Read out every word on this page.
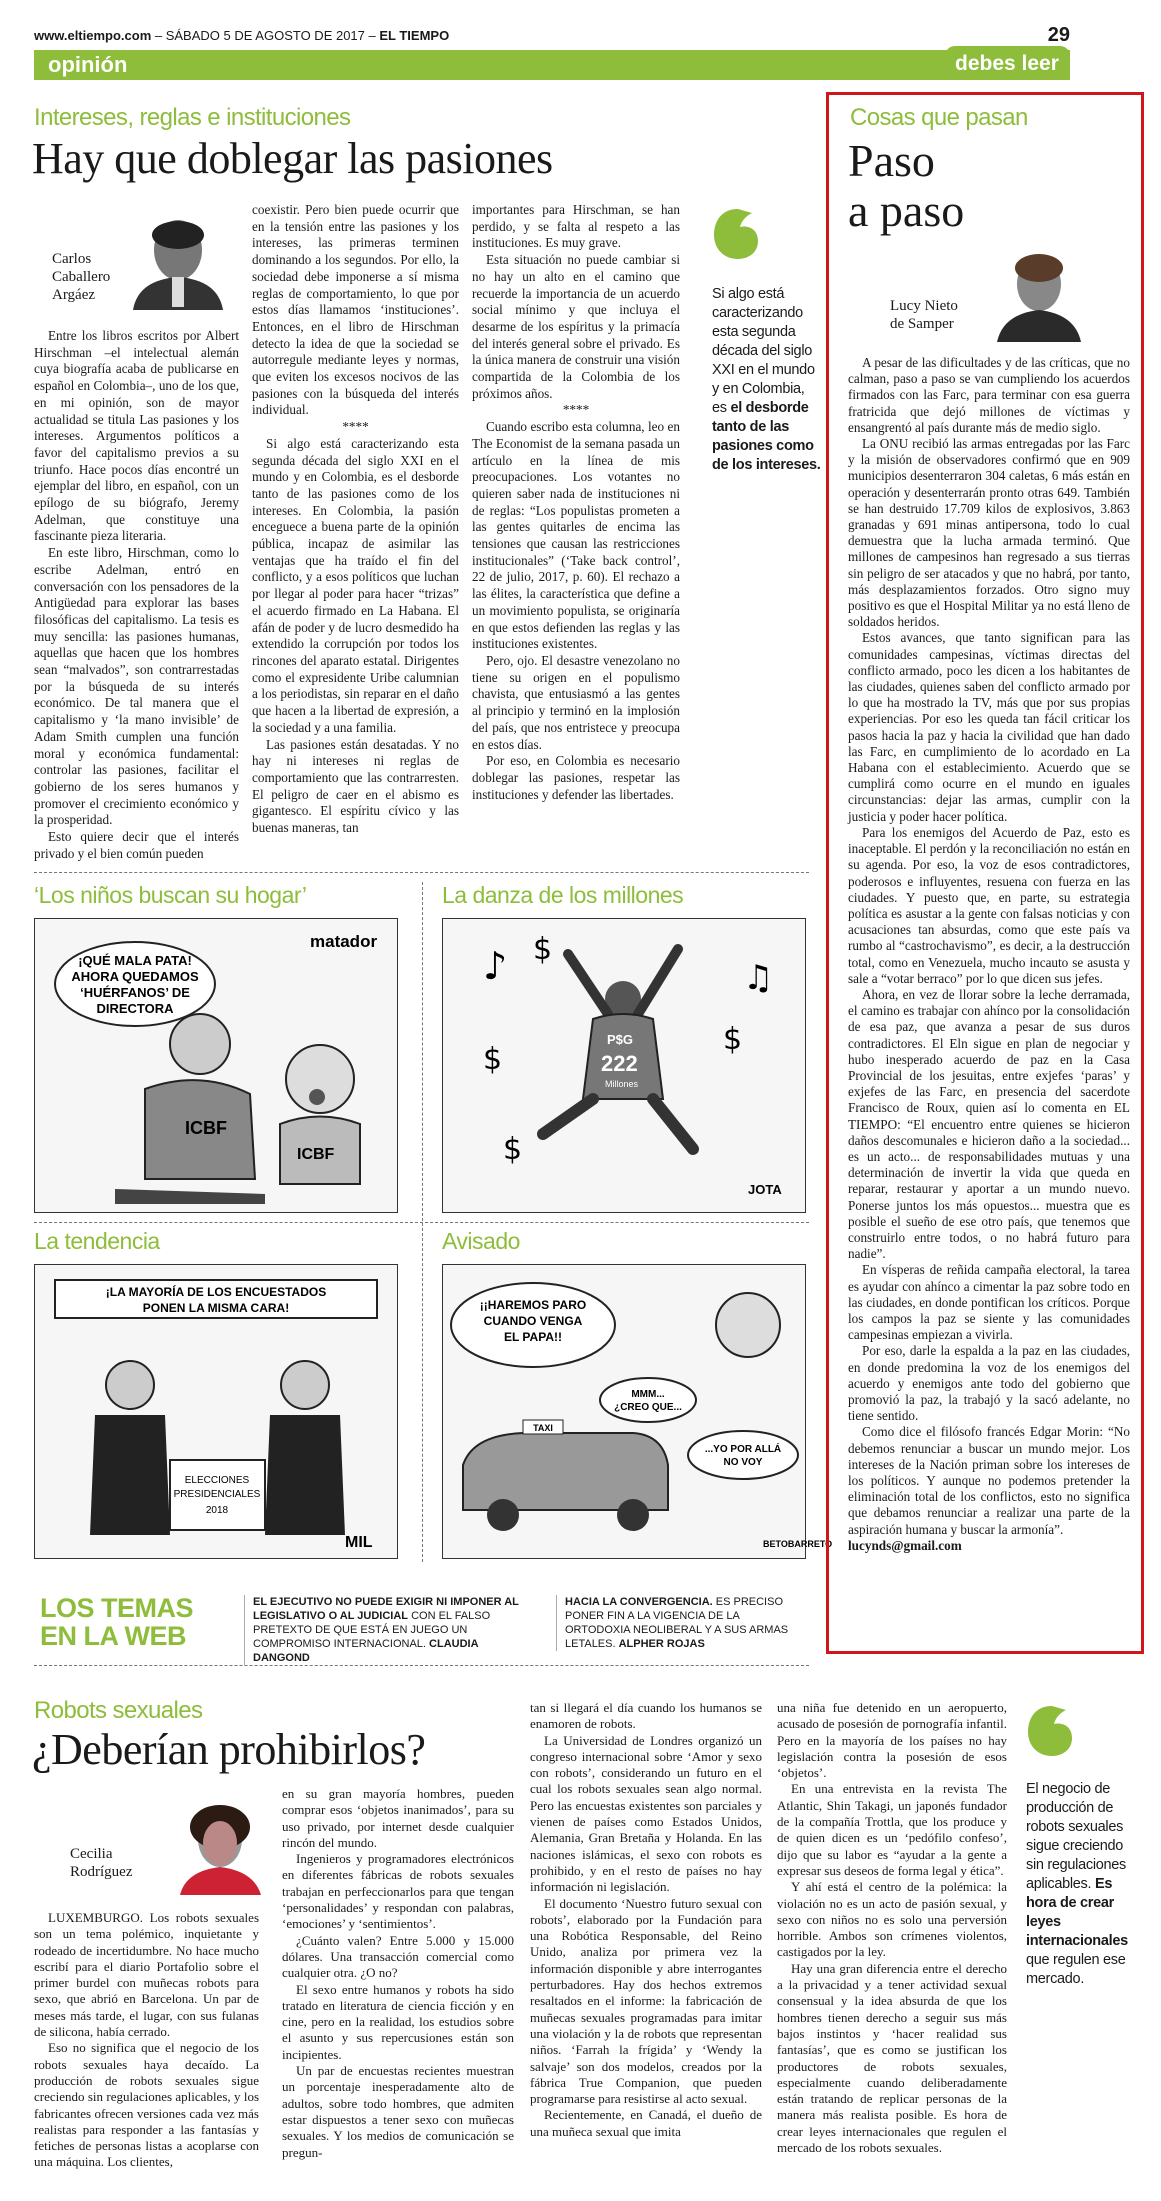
www.eltiempo.com – SÁBADO 5 DE AGOSTO DE 2017 – EL TIEMPO	29
opinión	debes leer
Intereses, reglas e instituciones
Hay que doblegar las pasiones
Carlos
Caballero
Argáez

Entre los libros escritos por Albert Hirschman –el intelectual alemán cuya biografía acaba de publicarse en español en Colombia–, uno de los que, en mi opinión, son de mayor actualidad se titula Las pasiones y los intereses. Argumentos políticos a favor del capitalismo previos a su triunfo. Hace pocos días encontré un ejemplar del libro, en español, con un epílogo de su biógrafo, Jeremy Adelman, que constituye una fascinante pieza literaria.

En este libro, Hirschman, como lo escribe Adelman, entró en conversación con los pensadores de la Antigüedad para explorar las bases filosóficas del capitalismo. La tesis es muy sencilla: las pasiones humanas, aquellas que hacen que los hombres sean “malvados”, son contrarrestadas por la búsqueda de su interés económico. De tal manera que el capitalismo y ‘la mano invisible’ de Adam Smith cumplen una función moral y económica fundamental: controlar las pasiones, facilitar el gobierno de los seres humanos y promover el crecimiento económico y la prosperidad.

Esto quiere decir que el interés privado y el bien común pueden

coexistir. Pero bien puede ocurrir que en la tensión entre las pasiones y los intereses, las primeras terminen dominando a los segundos. Por ello, la sociedad debe imponerse a sí misma reglas de comportamiento, lo que por estos días llamamos ‘instituciones’. Entonces, en el libro de Hirschman detecto la idea de que la sociedad se autorregule mediante leyes y normas, que eviten los excesos nocivos de las pasiones con la búsqueda del interés individual.

****

Si algo está caracterizando esta segunda década del siglo XXI en el mundo y en Colombia, es el desborde tanto de las pasiones como de los intereses. En Colombia, la pasión enceguece a buena parte de la opinión pública, incapaz de asimilar las ventajas que ha traído el fin del conflicto, y a esos políticos que luchan por llegar al poder para hacer “trizas” el acuerdo firmado en La Habana. El afán de poder y de lucro desmedido ha extendido la corrupción por todos los rincones del aparato estatal. Dirigentes como el expresidente Uribe calumnian a los periodistas, sin reparar en el daño que hacen a la libertad de expresión, a la sociedad y a una familia.

Las pasiones están desatadas. Y no hay ni intereses ni reglas de comportamiento que las contrarresten. El peligro de caer en el abismo es gigantesco. El espíritu cívico y las buenas maneras, tan

importantes para Hirschman, se han perdido, y se falta al respeto a las instituciones. Es muy grave.

Esta situación no puede cambiar si no hay un alto en el camino que recuerde la importancia de un acuerdo social mínimo y que incluya el desarme de los espíritus y la primacía del interés general sobre el privado. Es la única manera de construir una visión compartida de la Colombia de los próximos años.

****

Cuando escribo esta columna, leo en The Economist de la semana pasada un artículo en la línea de mis preocupaciones. Los votantes no quieren saber nada de instituciones ni de reglas: “Los populistas prometen a las gentes quitarles de encima las tensiones que causan las restricciones institucionales” (‘Take back control’, 22 de julio, 2017, p. 60). El rechazo a las élites, la característica que define a un movimiento populista, se originaría en que estos defienden las reglas y las instituciones existentes.

Pero, ojo. El desastre venezolano no tiene su origen en el populismo chavista, que entusiasmó a las gentes al principio y terminó en la implosión del país, que nos entristece y preocupa en estos días.

Por eso, en Colombia es necesario doblegar las pasiones, respetar las instituciones y defender las libertades.

Si algo está caracterizando esta segunda década del siglo XXI en el mundo y en Colombia, es el desborde tanto de las pasiones como de los intereses.
‘Los niños buscan su hogar’
¡QUÉ MALA PATA!
AHORA QUEDAMOS
‘HUÉRFANOS’ DE
DIRECTORA
matador
ICBF
ICBF
La danza de los millones
♪	♫
$
$
$
$
P$G
222
Millones
JOTA
La tendencia
¡LA MAYORÍA DE LOS ENCUESTADOS
PONEN LA MISMA CARA!
ELECCIONES
PRESIDENCIALES
2018
MIL
Avisado
¡¡HAREMOS PARO
CUANDO VENGA
EL PAPA!!
MMM...
¿CREO QUE...
...YO POR ALLÁ
NO VOY
TAXI
BETOBARRETO
LOS TEMAS
EN LA WEB
EL EJECUTIVO NO PUEDE EXIGIR NI IMPONER AL LEGISLATIVO O AL JUDICIAL CON EL FALSO PRETEXTO DE QUE ESTÁ EN JUEGO UN COMPROMISO INTERNACIONAL. CLAUDIA DANGOND
HACIA LA CONVERGENCIA. ES PRECISO PONER FIN A LA VIGENCIA DE LA ORTODOXIA NEOLIBERAL Y A SUS ARMAS LETALES. ALPHER ROJAS
Cosas que pasan
Paso
a paso
Lucy Nieto
de Samper

A pesar de las dificultades y de las críticas, que no calman, paso a paso se van cumpliendo los acuerdos firmados con las Farc, para terminar con esa guerra fratricida que dejó millones de víctimas y ensangrentó al país durante más de medio siglo.

La ONU recibió las armas entregadas por las Farc y la misión de observadores confirmó que en 909 municipios desenterraron 304 caletas, 6 más están en operación y desenterrarán pronto otras 649. También se han destruido 17.709 kilos de explosivos, 3.863 granadas y 691 minas antipersona, todo lo cual demuestra que la lucha armada terminó. Que millones de campesinos han regresado a sus tierras sin peligro de ser atacados y que no habrá, por tanto, más desplazamientos forzados. Otro signo muy positivo es que el Hospital Militar ya no está lleno de soldados heridos.

Estos avances, que tanto significan para las comunidades campesinas, víctimas directas del conflicto armado, poco les dicen a los habitantes de las ciudades, quienes saben del conflicto armado por lo que ha mostrado la TV, más que por sus propias experiencias. Por eso les queda tan fácil criticar los pasos hacia la paz y hacia la civilidad que han dado las Farc, en cumplimiento de lo acordado en La Habana con el establecimiento. Acuerdo que se cumplirá como ocurre en el mundo en iguales circunstancias: dejar las armas, cumplir con la justicia y poder hacer política.

Para los enemigos del Acuerdo de Paz, esto es inaceptable. El perdón y la reconciliación no están en su agenda. Por eso, la voz de esos contradictores, poderosos e influyentes, resuena con fuerza en las ciudades. Y puesto que, en parte, su estrategia política es asustar a la gente con falsas noticias y con acusaciones tan absurdas, como que este país va rumbo al “castrochavismo”, es decir, a la destrucción total, como en Venezuela, mucho incauto se asusta y sale a “votar berraco” por lo que dicen sus jefes.

Ahora, en vez de llorar sobre la leche derramada, el camino es trabajar con ahínco por la consolidación de esa paz, que avanza a pesar de sus duros contradictores. El Eln sigue en plan de negociar y hubo inesperado acuerdo de paz en la Casa Provincial de los jesuitas, entre exjefes ‘paras’ y exjefes de las Farc, en presencia del sacerdote Francisco de Roux, quien así lo comenta en EL TIEMPO: “El encuentro entre quienes se hicieron daños descomunales e hicieron daño a la sociedad... es un acto... de responsabilidades mutuas y una determinación de invertir la vida que queda en reparar, restaurar y aportar a un mundo nuevo. Ponerse juntos los más opuestos... muestra que es posible el sueño de ese otro país, que tenemos que construirlo entre todos, o no habrá futuro para nadie”.

En vísperas de reñida campaña electoral, la tarea es ayudar con ahínco a cimentar la paz sobre todo en las ciudades, en donde pontifican los críticos. Porque los campos la paz se siente y las comunidades campesinas empiezan a vivirla.

Por eso, darle la espalda a la paz en las ciudades, en donde predomina la voz de los enemigos del acuerdo y enemigos ante todo del gobierno que promovió la paz, la trabajó y la sacó adelante, no tiene sentido.

Como dice el filósofo francés Edgar Morin: “No debemos renunciar a buscar un mundo mejor. Los intereses de la Nación priman sobre los intereses de los políticos. Y aunque no podemos pretender la eliminación total de los conflictos, esto no significa que debamos renunciar a realizar una parte de la aspiración humana y buscar la armonía”.

lucynds@gmail.com

Robots sexuales
¿Deberían prohibirlos?
Cecilia
Rodríguez

LUXEMBURGO. Los robots sexuales son un tema polémico, inquietante y rodeado de incertidumbre. No hace mucho escribí para el diario Portafolio sobre el primer burdel con muñecas robots para sexo, que abrió en Barcelona. Un par de meses más tarde, el lugar, con sus fulanas de silicona, había cerrado.

Eso no significa que el negocio de los robots sexuales haya decaído. La producción de robots sexuales sigue creciendo sin regulaciones aplicables, y los fabricantes ofrecen versiones cada vez más realistas para responder a las fantasías y fetiches de personas listas a acoplarse con una máquina. Los clientes,

en su gran mayoría hombres, pueden comprar esos ‘objetos inanimados’, para su uso privado, por internet desde cualquier rincón del mundo.

Ingenieros y programadores electrónicos en diferentes fábricas de robots sexuales trabajan en perfeccionarlos para que tengan ‘personalidades’ y respondan con palabras, ‘emociones’ y ‘sentimientos’.

¿Cuánto valen? Entre 5.000 y 15.000 dólares. Una transacción comercial como cualquier otra. ¿O no?

El sexo entre humanos y robots ha sido tratado en literatura de ciencia ficción y en cine, pero en la realidad, los estudios sobre el asunto y sus repercusiones están son incipientes.

Un par de encuestas recientes muestran un porcentaje inesperadamente alto de adultos, sobre todo hombres, que admiten estar dispuestos a tener sexo con muñecas sexuales. Y los medios de comunicación se pregun-

tan si llegará el día cuando los humanos se enamoren de robots.

La Universidad de Londres organizó un congreso internacional sobre ‘Amor y sexo con robots’, considerando un futuro en el cual los robots sexuales sean algo normal. Pero las encuestas existentes son parciales y vienen de países como Estados Unidos, Alemania, Gran Bretaña y Holanda. En las naciones islámicas, el sexo con robots es prohibido, y en el resto de países no hay información ni legislación.

El documento ‘Nuestro futuro sexual con robots’, elaborado por la Fundación para una Robótica Responsable, del Reino Unido, analiza por primera vez la información disponible y abre interrogantes perturbadores. Hay dos hechos extremos resaltados en el informe: la fabricación de muñecas sexuales programadas para imitar una violación y la de robots que representan niños. ‘Farrah la frígida’ y ‘Wendy la salvaje’ son dos modelos, creados por la fábrica True Companion, que pueden programarse para resistirse al acto sexual.

Recientemente, en Canadá, el dueño de una muñeca sexual que imita

una niña fue detenido en un aeropuerto, acusado de posesión de pornografía infantil. Pero en la mayoría de los países no hay legislación contra la posesión de esos ‘objetos’.

En una entrevista en la revista The Atlantic, Shin Takagi, un japonés fundador de la compañía Trottla, que los produce y de quien dicen es un ‘pedófilo confeso’, dijo que su labor es “ayudar a la gente a expresar sus deseos de forma legal y ética”.

Y ahí está el centro de la polémica: la violación no es un acto de pasión sexual, y sexo con niños no es solo una perversión horrible. Ambos son crímenes violentos, castigados por la ley.

Hay una gran diferencia entre el derecho a la privacidad y a tener actividad sexual consensual y la idea absurda de que los hombres tienen derecho a seguir sus más bajos instintos y ‘hacer realidad sus fantasías’, que es como se justifican los productores de robots sexuales, especialmente cuando deliberadamente están tratando de replicar personas de la manera más realista posible. Es hora de crear leyes internacionales que regulen el mercado de los robots sexuales.

El negocio de producción de robots sexuales sigue creciendo sin regulaciones aplicables. Es hora de crear leyes internacionales que regulen ese mercado.
